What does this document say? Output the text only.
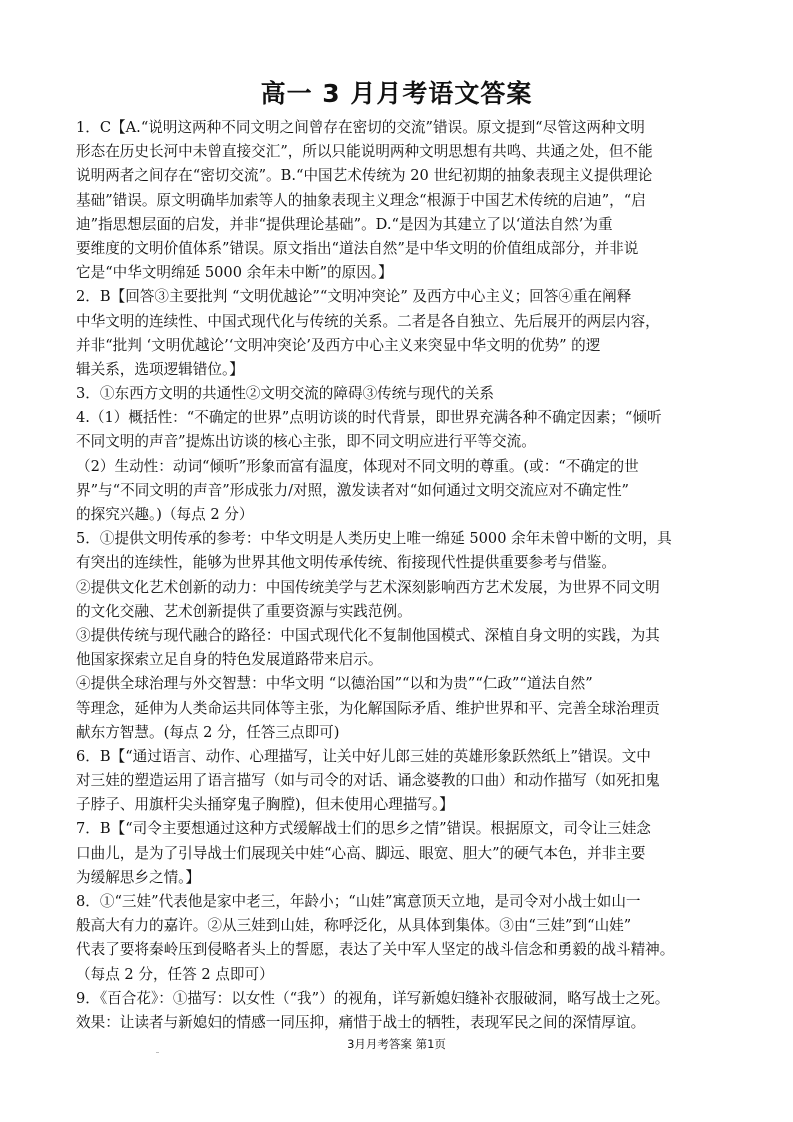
高一 3 月月考语文答案
1．C【A.“说明这两种不同文明之间曾存在密切的交流”错误。原文提到“尽管这两种文明
形态在历史长河中未曾直接交汇”，所以只能说明两种文明思想有共鸣、共通之处，但不能
说明两者之间存在“密切交流”。B.“中国艺术传统为 20 世纪初期的抽象表现主义提供理论
基础”错误。原文明确毕加索等人的抽象表现主义理念“根源于中国艺术传统的启迪”，“启
迪”指思想层面的启发，并非“提供理论基础”。D.“是因为其建立了以‘道法自然’为重
要维度的文明价值体系”错误。原文指出“道法自然”是中华文明的价值组成部分，并非说
它是“中华文明绵延 5000 余年未中断”的原因。】
2．B【回答③主要批判 “文明优越论”“文明冲突论” 及西方中心主义；回答④重在阐释
中华文明的连续性、中国式现代化与传统的关系。二者是各自独立、先后展开的两层内容，
并非“批判 ‘文明优越论’‘文明冲突论’及西方中心主义来突显中华文明的优势” 的逻
辑关系，选项逻辑错位。】
3．①东西方文明的共通性②文明交流的障碍③传统与现代的关系
4.（1）概括性：“不确定的世界”点明访谈的时代背景，即世界充满各种不确定因素；“倾听
不同文明的声音”提炼出访谈的核心主张，即不同文明应进行平等交流。
（2）生动性：动词“倾听”形象而富有温度，体现对不同文明的尊重。(或：“不确定的世
界”与“不同文明的声音”形成张力/对照，激发读者对“如何通过文明交流应对不确定性”
的探究兴趣。)（每点 2 分）
5．①提供文明传承的参考：中华文明是人类历史上唯一绵延 5000 余年未曾中断的文明，具
有突出的连续性，能够为世界其他文明传承传统、衔接现代性提供重要参考与借鉴。
②提供文化艺术创新的动力：中国传统美学与艺术深刻影响西方艺术发展，为世界不同文明
的文化交融、艺术创新提供了重要资源与实践范例。
③提供传统与现代融合的路径：中国式现代化不复制他国模式、深植自身文明的实践，为其
他国家探索立足自身的特色发展道路带来启示。
④提供全球治理与外交智慧：中华文明 “以德治国”“以和为贵”“仁政”“道法自然”
等理念，延伸为人类命运共同体等主张，为化解国际矛盾、维护世界和平、完善全球治理贡
献东方智慧。(每点 2 分，任答三点即可)
6．B【“通过语言、动作、心理描写，让关中好儿郎三娃的英雄形象跃然纸上”错误。文中
对三娃的塑造运用了语言描写（如与司令的对话、诵念婆教的口曲）和动作描写（如死扣鬼
子脖子、用旗杆尖头捅穿鬼子胸膛)，但未使用心理描写。】
7．B【“司令主要想通过这种方式缓解战士们的思乡之情”错误。根据原文，司令让三娃念
口曲儿，是为了引导战士们展现关中娃“心高、脚远、眼宽、胆大”的硬气本色，并非主要
为缓解思乡之情。】
8．①“三娃”代表他是家中老三，年龄小；“山娃”寓意顶天立地，是司令对小战士如山一
般高大有力的嘉许。②从三娃到山娃，称呼泛化，从具体到集体。③由“三娃”到“山娃”
代表了要将秦岭压到侵略者头上的誓愿，表达了关中军人坚定的战斗信念和勇毅的战斗精神。
（每点 2 分，任答 2 点即可）
9．《百合花》：①描写：以女性（“我”）的视角，详写新媳妇缝补衣服破洞，略写战士之死。
效果：让读者与新媳妇的情感一同压抑，痛惜于战士的牺牲，表现军民之间的深情厚谊。
3月月考答案 第1页
